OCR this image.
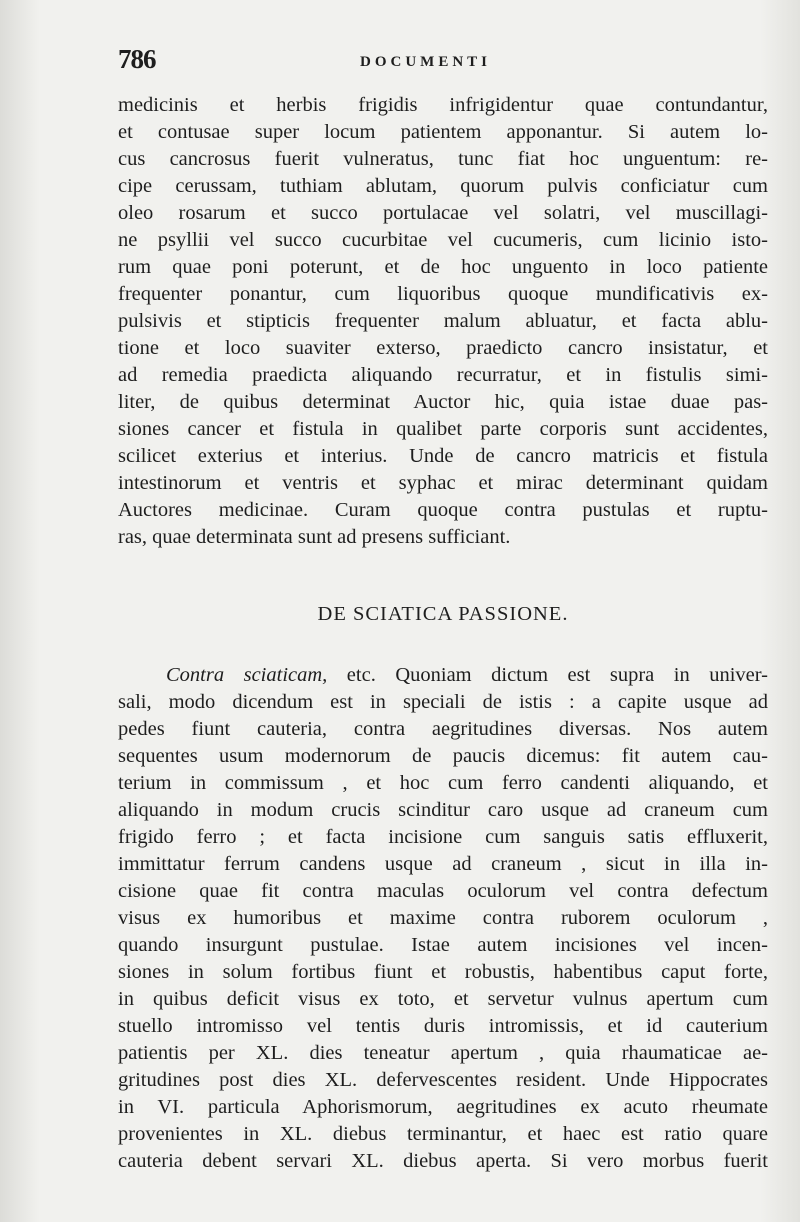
786	DOCUMENTI
medicinis et herbis frigidis infrigidentur quae contundantur,
et contusae super locum patientem apponantur. Si autem lo-
cus cancrosus fuerit vulneratus, tunc fiat hoc unguentum: re-
cipe cerussam, tuthiam ablutam, quorum pulvis conficiatur cum
oleo rosarum et succo portulacae vel solatri, vel muscillagi-
ne psyllii vel succo cucurbitae vel cucumeris, cum licinio isto-
rum quae poni poterunt, et de hoc unguento in loco patiente
frequenter ponantur, cum liquoribus quoque mundificativis ex-
pulsivis et stipticis frequenter malum abluatur, et facta ablu-
tione et loco suaviter exterso, praedicto cancro insistatur, et
ad remedia praedicta aliquando recurratur, et in fistulis simi-
liter, de quibus determinat Auctor hic, quia istae duae pas-
siones cancer et fistula in qualibet parte corporis sunt accidentes,
scilicet exterius et interius. Unde de cancro matricis et fistula
intestinorum et ventris et syphac et mirac determinant quidam
Auctores medicinae. Curam quoque contra pustulas et ruptu-
ras, quae determinata sunt ad presens sufficiant.
DE SCIATICA PASSIONE.
Contra sciaticam, etc. Quoniam dictum est supra in univer-
sali, modo dicendum est in speciali de istis : a capite usque ad
pedes fiunt cauteria, contra aegritudines diversas. Nos autem
sequentes usum modernorum de paucis dicemus: fit autem cau-
terium in commissum , et hoc cum ferro candenti aliquando, et
aliquando in modum crucis scinditur caro usque ad craneum cum
frigido ferro ; et facta incisione cum sanguis satis effluxerit,
immittatur ferrum candens usque ad craneum , sicut in illa in-
cisione quae fit contra maculas oculorum vel contra defectum
visus ex humoribus et maxime contra ruborem oculorum ,
quando insurgunt pustulae. Istae autem incisiones vel incen-
siones in solum fortibus fiunt et robustis, habentibus caput forte,
in quibus deficit visus ex toto, et servetur vulnus apertum cum
stuello intromisso vel tentis duris intromissis, et id cauterium
patientis per XL. dies teneatur apertum , quia rhaumaticae ae-
gritudines post dies XL. defervescentes resident. Unde Hippocrates
in VI. particula Aphorismorum, aegritudines ex acuto rheumate
provenientes in XL. diebus terminantur, et haec est ratio quare
cauteria debent servari XL. diebus aperta. Si vero morbus fuerit
